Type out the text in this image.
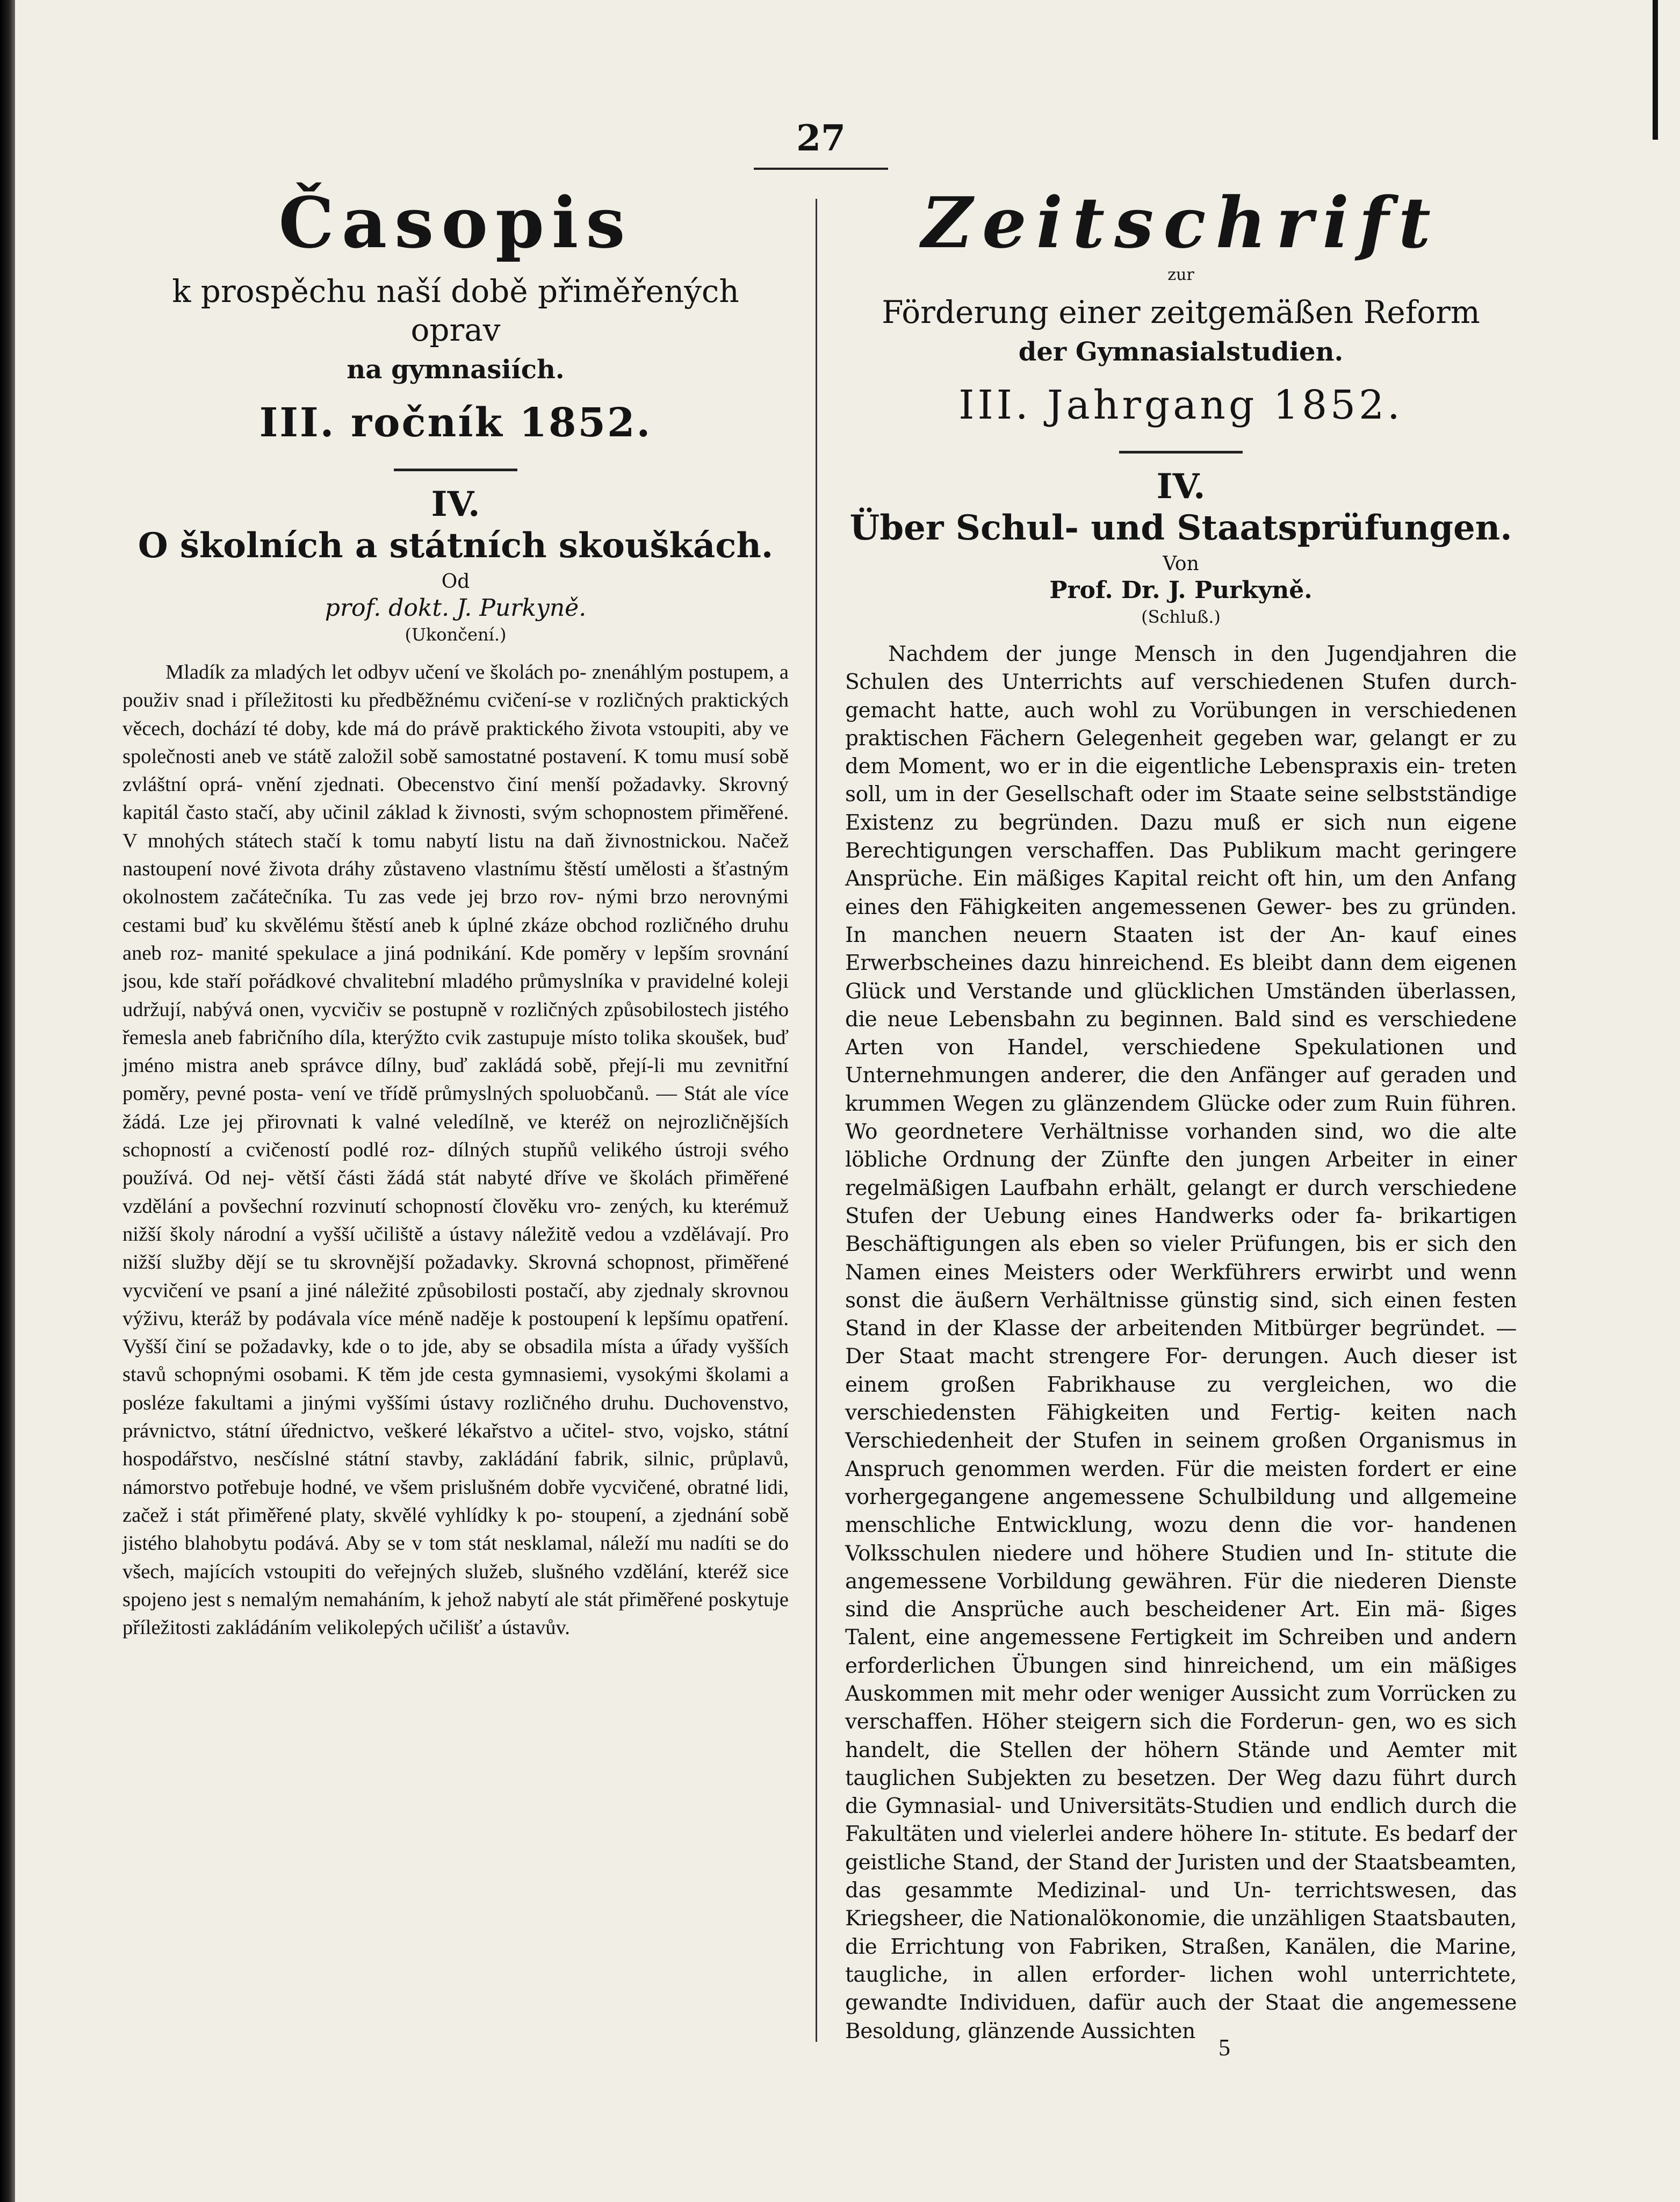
27
Časopis
k prospěchu naší době přiměřených oprav
na gymnasiích.
III. ročník 1852.
IV.
O školních a státních skouškách.
Od
prof. dokt. J. Purkyně.
(Ukončení.)
Mladík za mladých let odbyv učení ve školách po- znenáhlým postupem, a použiv snad i příležitosti ku předběžnému cvičení-se v rozličných praktických věcech, dochází té doby, kde má do právě praktického života vstoupiti, aby ve společnosti aneb ve státě založil sobě samostatné postavení. K tomu musí sobě zvláštní oprá- vnění zjednati. Obecenstvo činí menší požadavky. Skrovný kapitál často stačí, aby učinil základ k živnosti, svým schopnostem přiměřené. V mnohých státech stačí k tomu nabytí listu na daň živnostnickou. Načež nastoupení nové života dráhy zůstaveno vlastnímu štěstí umělosti a šťastným okolnostem začátečníka. Tu zas vede jej brzo rov- nými brzo nerovnými cestami buď ku skvělému štěstí aneb k úplné zkáze obchod rozličného druhu aneb roz- manité spekulace a jiná podnikání. Kde poměry v lepším srovnání jsou, kde staří pořádkové chvalitební mladého průmyslníka v pravidelné koleji udržují, nabývá onen, vycvičiv se postupně v rozličných způsobilostech jistého řemesla aneb fabričního díla, kterýžto cvik zastupuje místo tolika skoušek, buď jméno mistra aneb správce dílny, buď zakládá sobě, přejí-li mu zevnitřní poměry, pevné posta- vení ve třídě průmyslných spoluobčanů. — Stát ale více žádá. Lze jej přirovnati k valné veledílně, ve kteréž on nejrozličnějších schopností a cvičeností podlé roz- dílných stupňů velikého ústroji svého používá. Od nej- větší části žádá stát nabyté dříve ve školách přiměřené vzdělání a povšechní rozvinutí schopností člověku vro- zených, ku kterémuž nižší školy národní a vyšší učiliště a ústavy náležitě vedou a vzdělávají. Pro nižší služby dějí se tu skrovnější požadavky. Skrovná schopnost, přiměřené vycvičení ve psaní a jiné náležité způsobilosti postačí, aby zjednaly skrovnou výživu, kteráž by podávala více méně naděje k postoupení k lepšímu opatření. Vyšší činí se požadavky, kde o to jde, aby se obsadila místa a úřady vyšších stavů schopnými osobami. K těm jde cesta gymnasiemi, vysokými školami a posléze fakultami a jinými vyššími ústavy rozličného druhu. Duchovenstvo, právnictvo, státní úřednictvo, veškeré lékařstvo a učitel- stvo, vojsko, státní hospodářstvo, nesčíslné státní stavby, zakládání fabrik, silnic, průplavů, námorstvo potřebuje hodné, ve všem prislušném dobře vycvičené, obratné lidi, začež i stát přiměřené platy, skvělé vyhlídky k po- stoupení, a zjednání sobě jistého blahobytu podává. Aby se v tom stát nesklamal, náleží mu nadíti se do všech, majících vstoupiti do veřejných služeb, slušného vzdělání, kteréž sice spojeno jest s nemalým nemaháním, k jehož nabytí ale stát přiměřené poskytuje příležitosti zakládáním velikolepých učilišť a ústavův.
Zeitschrift
zur
Förderung einer zeitgemäßen Reform
der Gymnasialstudien.
III. Jahrgang 1852.
IV.
Über Schul- und Staatsprüfungen.
Von
Prof. Dr. J. Purkyně.
(Schluß.)
Nachdem der junge Mensch in den Jugendjahren die Schulen des Unterrichts auf verschiedenen Stufen durch- gemacht hatte, auch wohl zu Vorübungen in verschiedenen praktischen Fächern Gelegenheit gegeben war, gelangt er zu dem Moment, wo er in die eigentliche Lebenspraxis ein- treten soll, um in der Gesellschaft oder im Staate seine selbstständige Existenz zu begründen. Dazu muß er sich nun eigene Berechtigungen verschaffen. Das Publikum macht geringere Ansprüche. Ein mäßiges Kapital reicht oft hin, um den Anfang eines den Fähigkeiten angemessenen Gewer- bes zu gründen. In manchen neuern Staaten ist der An- kauf eines Erwerbscheines dazu hinreichend. Es bleibt dann dem eigenen Glück und Verstande und glücklichen Umständen überlassen, die neue Lebensbahn zu beginnen. Bald sind es verschiedene Arten von Handel, verschiedene Spekulationen und Unternehmungen anderer, die den Anfänger auf geraden und krummen Wegen zu glänzendem Glücke oder zum Ruin führen. Wo geordnetere Verhältnisse vorhanden sind, wo die alte löbliche Ordnung der Zünfte den jungen Arbeiter in einer regelmäßigen Laufbahn erhält, gelangt er durch verschiedene Stufen der Uebung eines Handwerks oder fa- brikartigen Beschäftigungen als eben so vieler Prüfungen, bis er sich den Namen eines Meisters oder Werkführers erwirbt und wenn sonst die äußern Verhältnisse günstig sind, sich einen festen Stand in der Klasse der arbeitenden Mitbürger begründet. — Der Staat macht strengere For- derungen. Auch dieser ist einem großen Fabrikhause zu vergleichen, wo die verschiedensten Fähigkeiten und Fertig- keiten nach Verschiedenheit der Stufen in seinem großen Organismus in Anspruch genommen werden. Für die meisten fordert er eine vorhergegangene angemessene Schulbildung und allgemeine menschliche Entwicklung, wozu denn die vor- handenen Volksschulen niedere und höhere Studien und In- stitute die angemessene Vorbildung gewähren. Für die niederen Dienste sind die Ansprüche auch bescheidener Art. Ein mä- ßiges Talent, eine angemessene Fertigkeit im Schreiben und andern erforderlichen Übungen sind hinreichend, um ein mäßiges Auskommen mit mehr oder weniger Aussicht zum Vorrücken zu verschaffen. Höher steigern sich die Forderun- gen, wo es sich handelt, die Stellen der höhern Stände und Aemter mit tauglichen Subjekten zu besetzen. Der Weg dazu führt durch die Gymnasial- und Universitäts-Studien und endlich durch die Fakultäten und vielerlei andere höhere In- stitute. Es bedarf der geistliche Stand, der Stand der Juristen und der Staatsbeamten, das gesammte Medizinal- und Un- terrichtswesen, das Kriegsheer, die Nationalökonomie, die unzähligen Staatsbauten, die Errichtung von Fabriken, Straßen, Kanälen, die Marine, taugliche, in allen erforder- lichen wohl unterrichtete, gewandte Individuen, dafür auch der Staat die angemessene Besoldung, glänzende Aussichten
5
